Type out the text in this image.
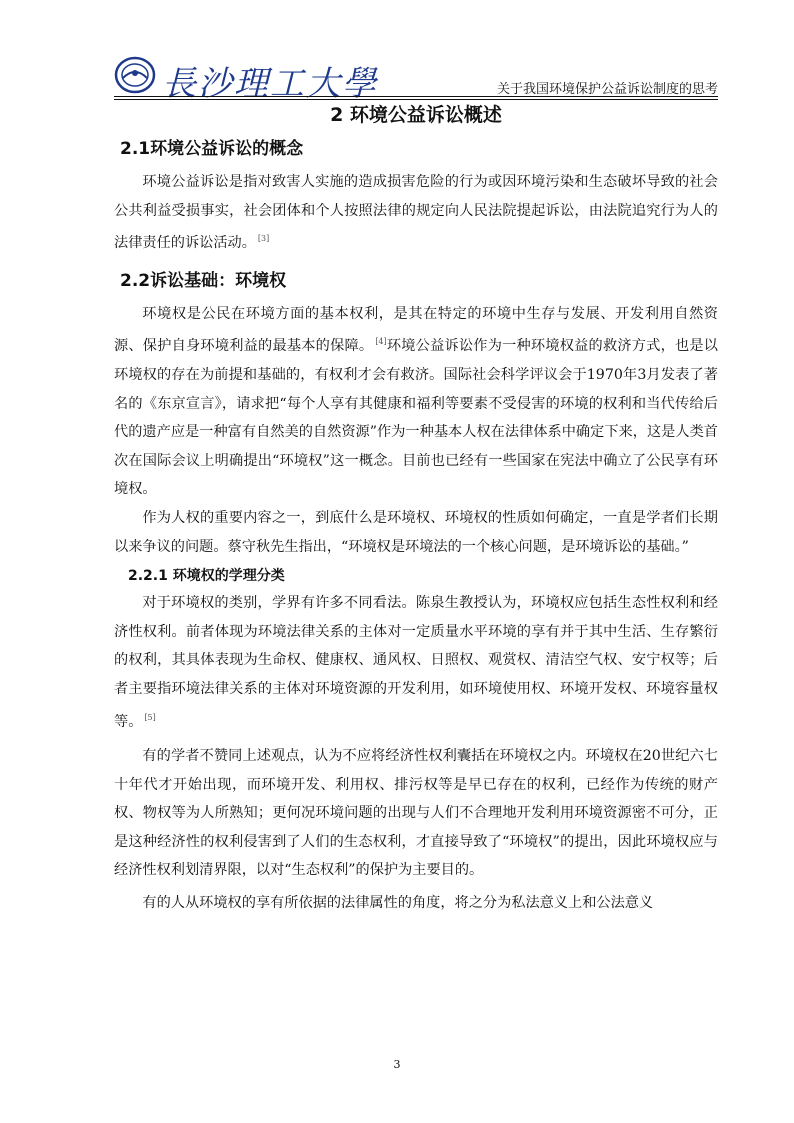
長沙理工大學	关于我国环境保护公益诉讼制度的思考
2 环境公益诉讼概述
2.1环境公益诉讼的概念

环境公益诉讼是指对致害人实施的造成损害危险的行为或因环境污染和生态破坏导致的社会公共利益受损事实，社会团体和个人按照法律的规定向人民法院提起诉讼，由法院追究行为人的法律责任的诉讼活动。 [3]

2.2诉讼基础：环境权

环境权是公民在环境方面的基本权利，是其在特定的环境中生存与发展、开发利用自然资源、保护自身环境利益的最基本的保障。 [4]环境公益诉讼作为一种环境权益的救济方式，也是以环境权的存在为前提和基础的，有权利才会有救济。国际社会科学评议会于1970年3月发表了著名的《东京宣言》，请求把“每个人享有其健康和福利等要素不受侵害的环境的权利和当代传给后代的遗产应是一种富有自然美的自然资源”作为一种基本人权在法律体系中确定下来，这是人类首次在国际会议上明确提出“环境权”这一概念。目前也已经有一些国家在宪法中确立了公民享有环境权。

作为人权的重要内容之一，到底什么是环境权、环境权的性质如何确定，一直是学者们长期以来争议的问题。蔡守秋先生指出，“环境权是环境法的一个核心问题，是环境诉讼的基础。”

2.2.1 环境权的学理分类

对于环境权的类别，学界有许多不同看法。陈泉生教授认为，环境权应包括生态性权利和经济性权利。前者体现为环境法律关系的主体对一定质量水平环境的享有并于其中生活、生存繁衍的权利，其具体表现为生命权、健康权、通风权、日照权、观赏权、清洁空气权、安宁权等；后者主要指环境法律关系的主体对环境资源的开发利用，如环境使用权、环境开发权、环境容量权等。 [5]

有的学者不赞同上述观点，认为不应将经济性权利囊括在环境权之内。环境权在20世纪六七十年代才开始出现，而环境开发、利用权、排污权等是早已存在的权利，已经作为传统的财产权、物权等为人所熟知；更何况环境问题的出现与人们不合理地开发利用环境资源密不可分，正是这种经济性的权利侵害到了人们的生态权利，才直接导致了“环境权”的提出，因此环境权应与经济性权利划清界限，以对“生态权利”的保护为主要目的。

有的人从环境权的享有所依据的法律属性的角度，将之分为私法意义上和公法意义

3
